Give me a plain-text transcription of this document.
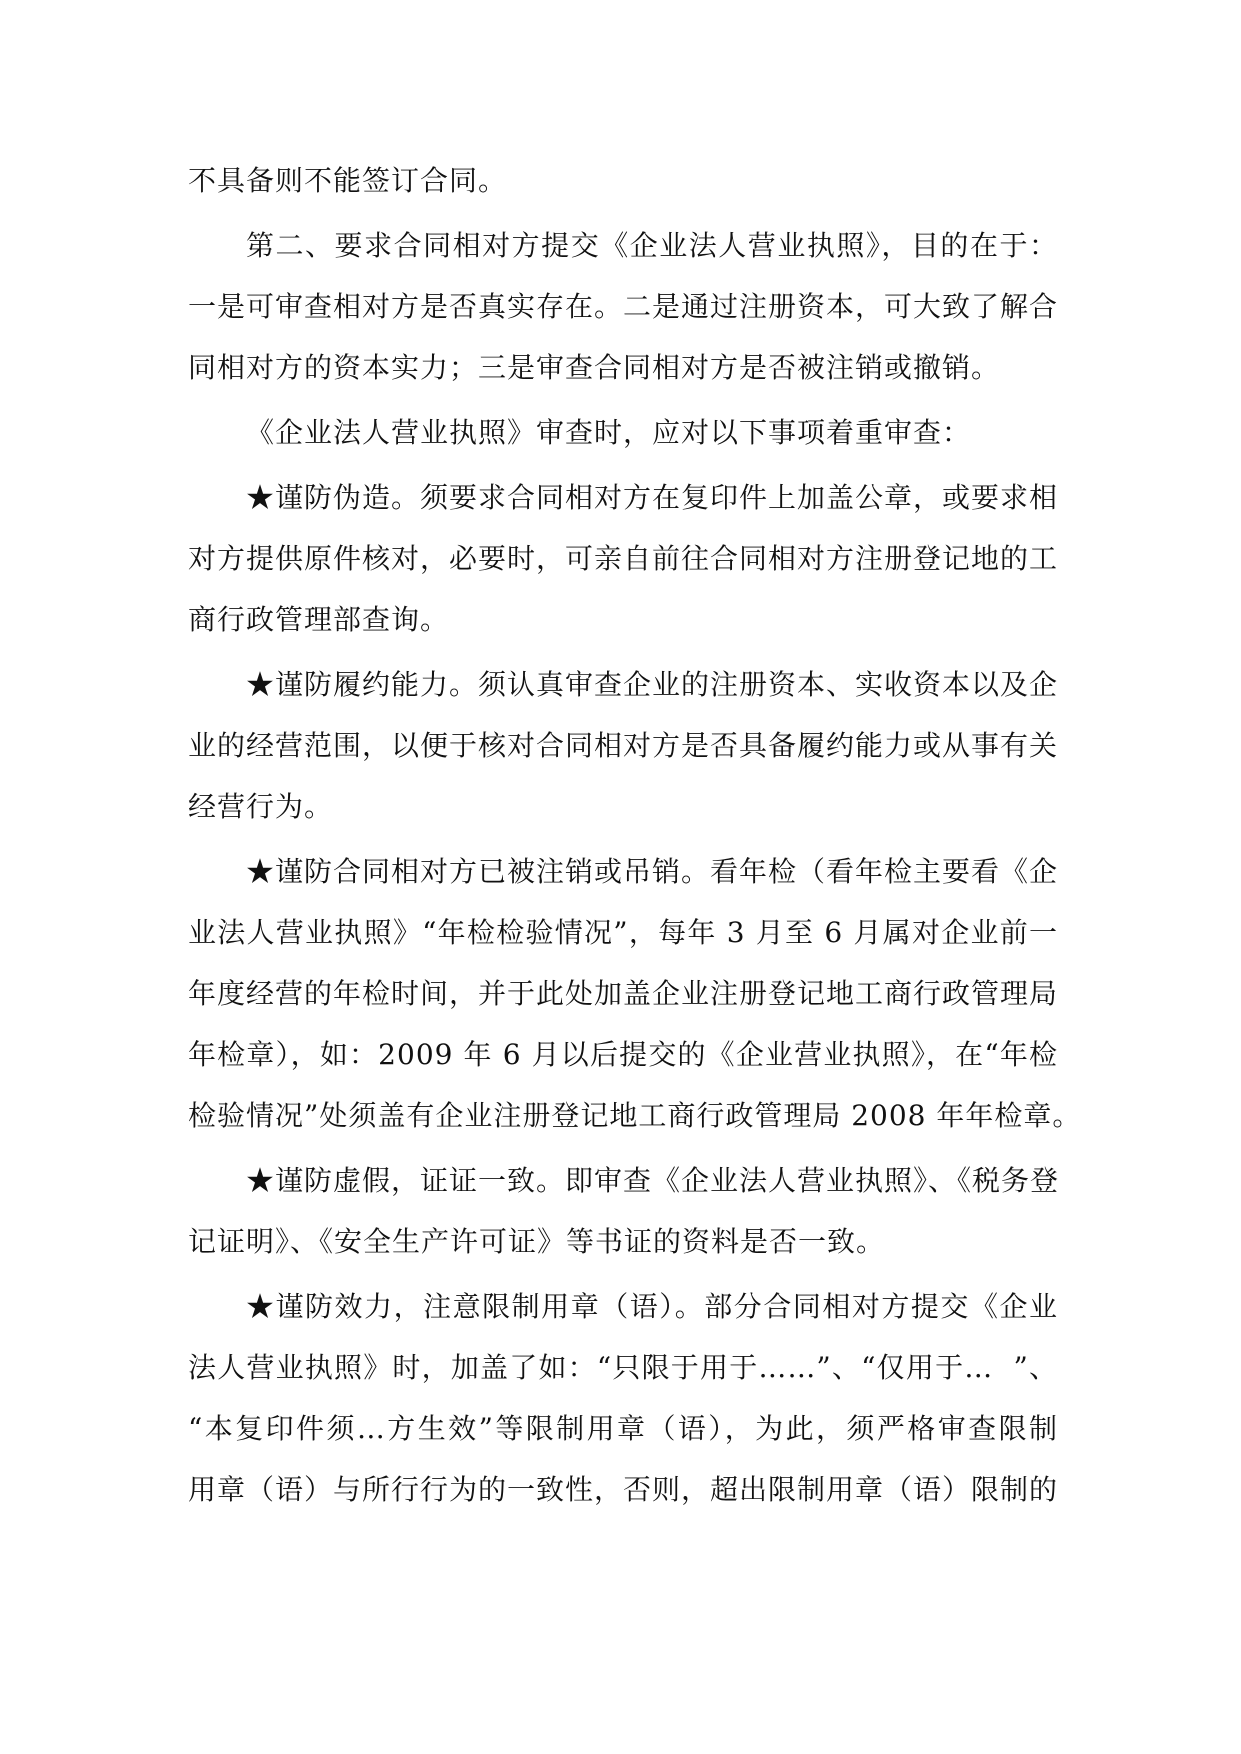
不具备则不能签订合同。
第二、要求合同相对方提交《企业法人营业执照》，目的在于：
一是可审查相对方是否真实存在。二是通过注册资本，可大致了解合
同相对方的资本实力；三是审查合同相对方是否被注销或撤销。
《企业法人营业执照》审查时，应对以下事项着重审查：
★谨防伪造。须要求合同相对方在复印件上加盖公章，或要求相
对方提供原件核对，必要时，可亲自前往合同相对方注册登记地的工
商行政管理部查询。
★谨防履约能力。须认真审查企业的注册资本、实收资本以及企
业的经营范围，以便于核对合同相对方是否具备履约能力或从事有关
经营行为。
★谨防合同相对方已被注销或吊销。看年检（看年检主要看《企
业法人营业执照》“年检检验情况”，每年 3 月至 6 月属对企业前一
年度经营的年检时间，并于此处加盖企业注册登记地工商行政管理局
年检章），如：2009 年 6 月以后提交的《企业营业执照》，在“年检
检验情况”处须盖有企业注册登记地工商行政管理局 2008 年年检章。
★谨防虚假，证证一致。即审查《企业法人营业执照》、《税务登
记证明》、《安全生产许可证》等书证的资料是否一致。
★谨防效力，注意限制用章（语）。部分合同相对方提交《企业
法人营业执照》时，加盖了如：“只限于用于……”、“仅用于…  ”、
“本复印件须…方生效”等限制用章（语），为此，须严格审查限制
用章（语）与所行行为的一致性，否则，超出限制用章（语）限制的
